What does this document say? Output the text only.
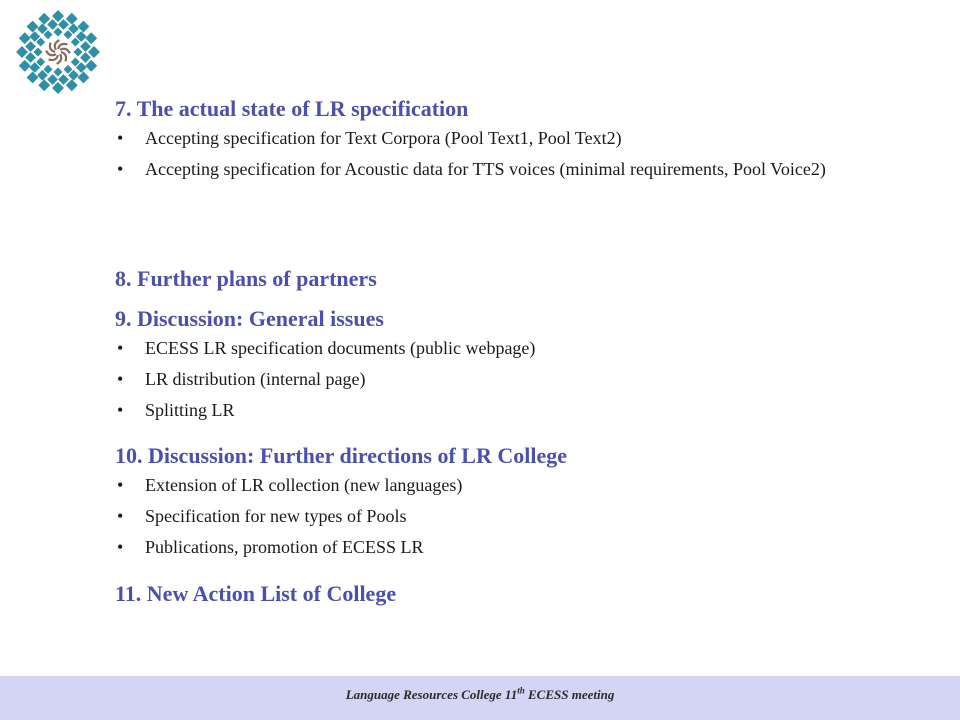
7. The actual state of LR specification

• Accepting specification for Text Corpora (Pool Text1, Pool Text2)
• Accepting specification for Acoustic data for TTS voices (minimal requirements, Pool Voice2)

8. Further plans of partners

9. Discussion: General issues

• ECESS LR specification documents (public webpage)
• LR distribution (internal page)
• Splitting LR

10. Discussion: Further directions of LR College

• Extension of LR collection (new languages)
• Specification for new types of Pools
• Publications, promotion of ECESS LR

11. New Action List of College

Language Resources College 11th ECESS meeting
